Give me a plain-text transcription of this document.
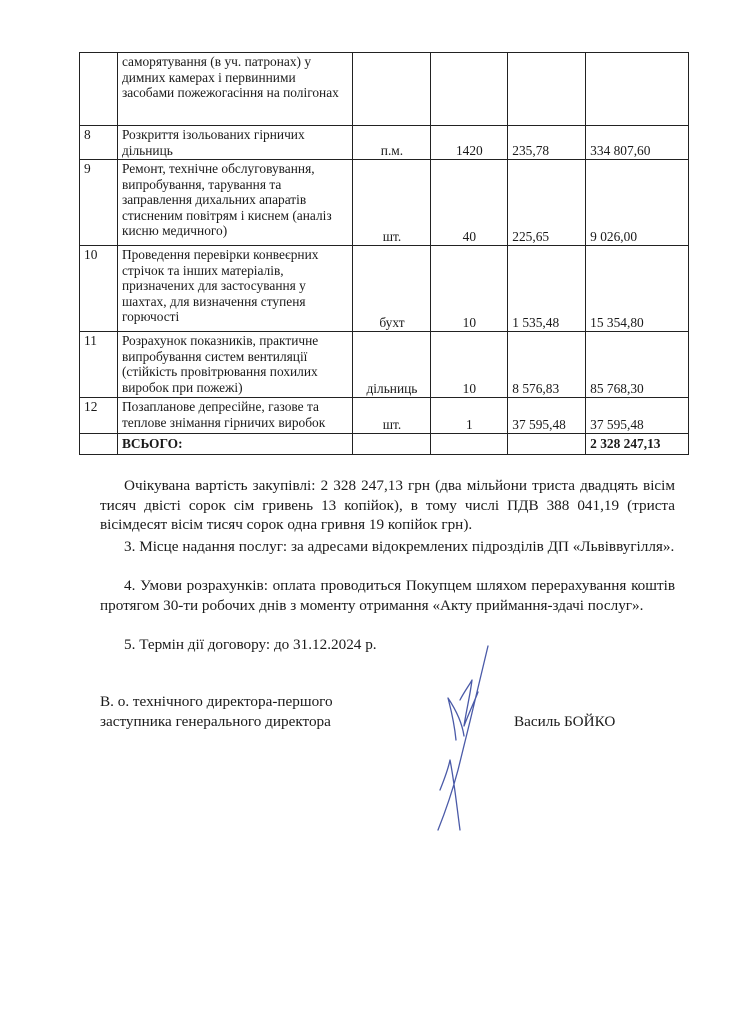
	саморятування (в уч. патронах) у димних камерах і первинними засобами пожежогасіння на полігонах				
8	Розкриття ізольованих гірничих дільниць	п.м.	1420	235,78	334 807,60
9	Ремонт, технічне обслуговування, випробування, тарування та заправлення дихальних апаратів стисненим повітрям і киснем (аналіз кисню медичного)	шт.	40	225,65	9 026,00
10	Проведення перевірки конвеєрних стрічок та інших матеріалів, призначених для застосування у шахтах, для визначення ступеня горючості	бухт	10	1 535,48	15 354,80
11	Розрахунок показників, практичне випробування систем вентиляції (стійкість провітрювання похилих виробок при пожежі)	дільниць	10	8 576,83	85 768,30
12	Позапланове депресійне, газове та теплове знімання гірничих виробок	шт.	1	37 595,48	37 595,48
	ВСЬОГО:				2 328 247,13
Очікувана вартість закупівлі: 2 328 247,13 грн (два мільйони триста двадцять вісім тисяч двісті сорок сім гривень 13 копійок), в тому числі ПДВ 388 041,19 (триста вісімдесят вісім тисяч сорок одна гривня 19 копійок грн).
3. Місце надання послуг: за адресами відокремлених підрозділів ДП «Львіввугілля».
4. Умови розрахунків: оплата проводиться Покупцем шляхом перерахування коштів протягом 30-ти робочих днів з моменту отримання «Акту приймання-здачі послуг».
5. Термін дії договору: до 31.12.2024 р.
В. о. технічного директора-першого
заступника генерального директора	Василь БОЙКО
